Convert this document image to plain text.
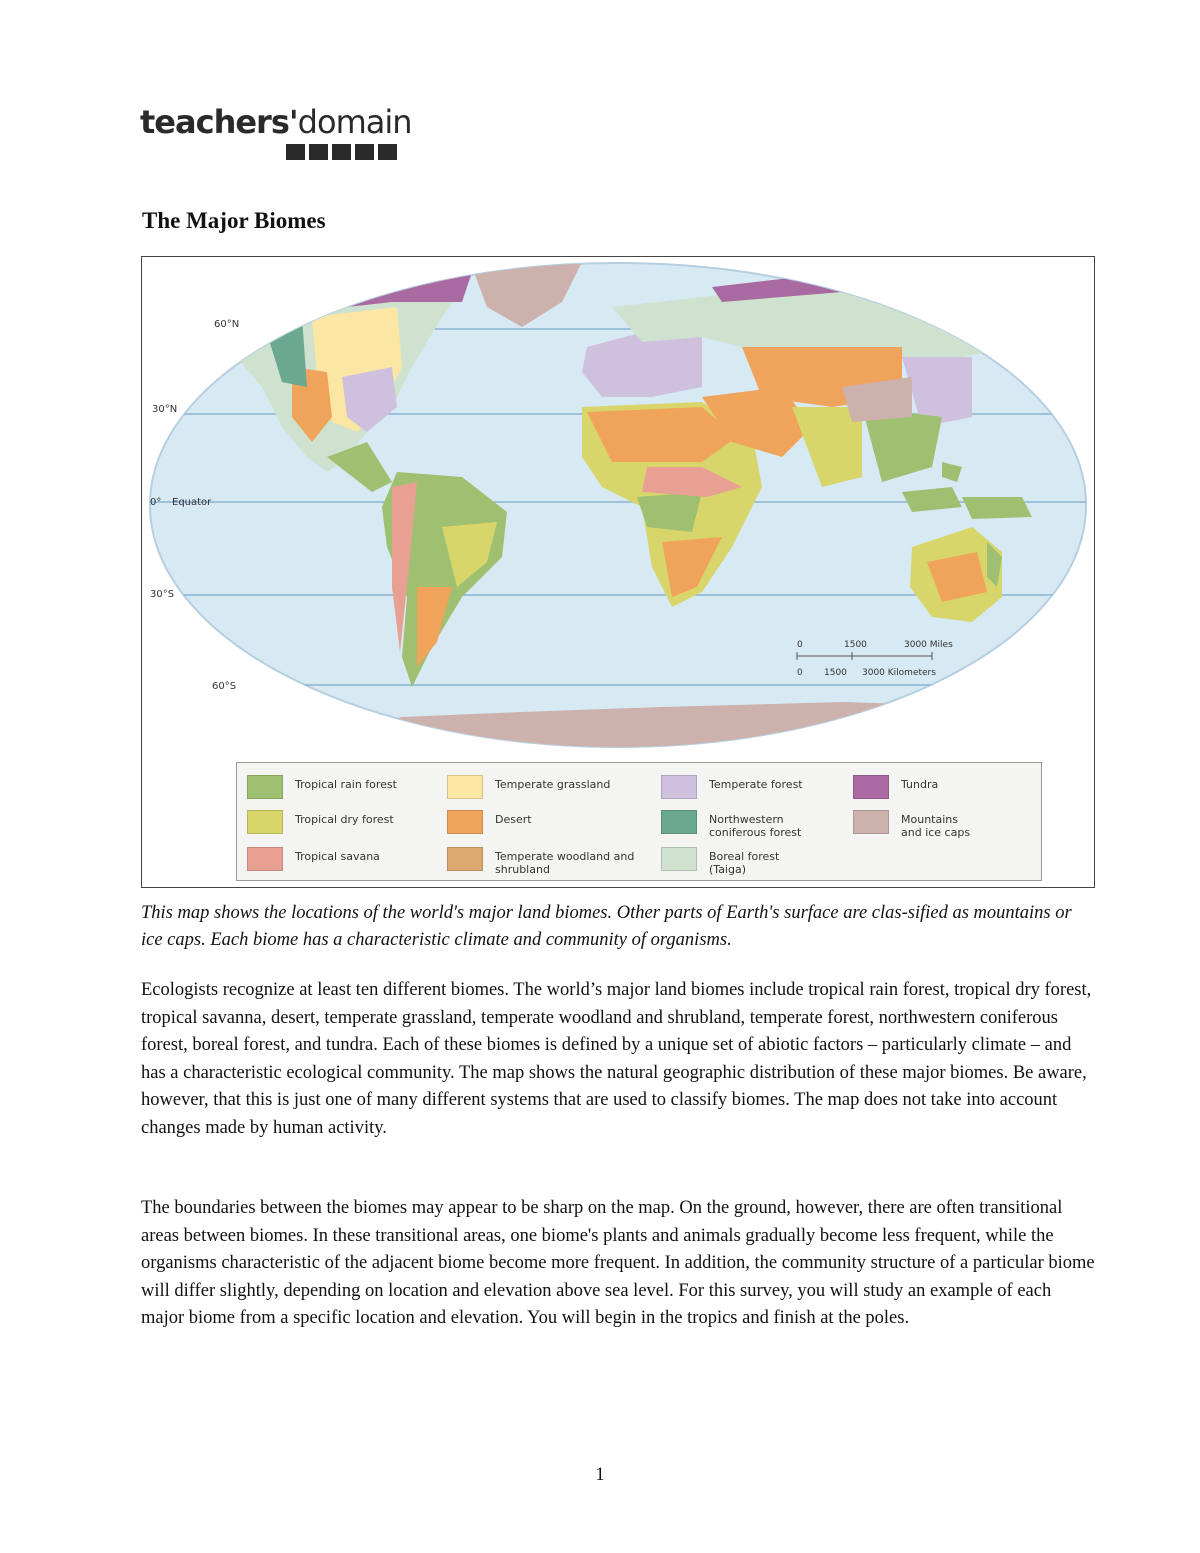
teachers'domain
The Major Biomes
60°N
30°N
0° Equator
30°S
60°S
0	1500	3000 Miles
0 1500 3000 Kilometers
Tropical rain forest
Tropical dry forest
Tropical savana
Temperate grassland
Desert
Temperate woodland and shrubland
Temperate forest
Northwestern coniferous forest
Boreal forest (Taiga)
Tundra
Mountains and ice caps
This map shows the locations of the world's major land biomes. Other parts of Earth's surface are clas-sified as mountains or ice caps. Each biome has a characteristic climate and community of organisms.
Ecologists recognize at least ten different biomes. The world’s major land biomes include tropical rain forest, tropical dry forest, tropical savanna, desert, temperate grassland, temperate woodland and shrubland, temperate forest, northwestern coniferous forest, boreal forest, and tundra. Each of these biomes is defined by a unique set of abiotic factors – particularly climate – and has a characteristic ecological community. The map shows the natural geographic distribution of these major biomes. Be aware, however, that this is just one of many different systems that are used to classify biomes. The map does not take into account changes made by human activity.
The boundaries between the biomes may appear to be sharp on the map. On the ground, however, there are often transitional areas between biomes. In these transitional areas, one biome's plants and animals gradually become less frequent, while the organisms characteristic of the adjacent biome become more frequent. In addition, the community structure of a particular biome will differ slightly, depending on location and elevation above sea level. For this survey, you will study an example of each major biome from a specific location and elevation. You will begin in the tropics and finish at the poles.
1
